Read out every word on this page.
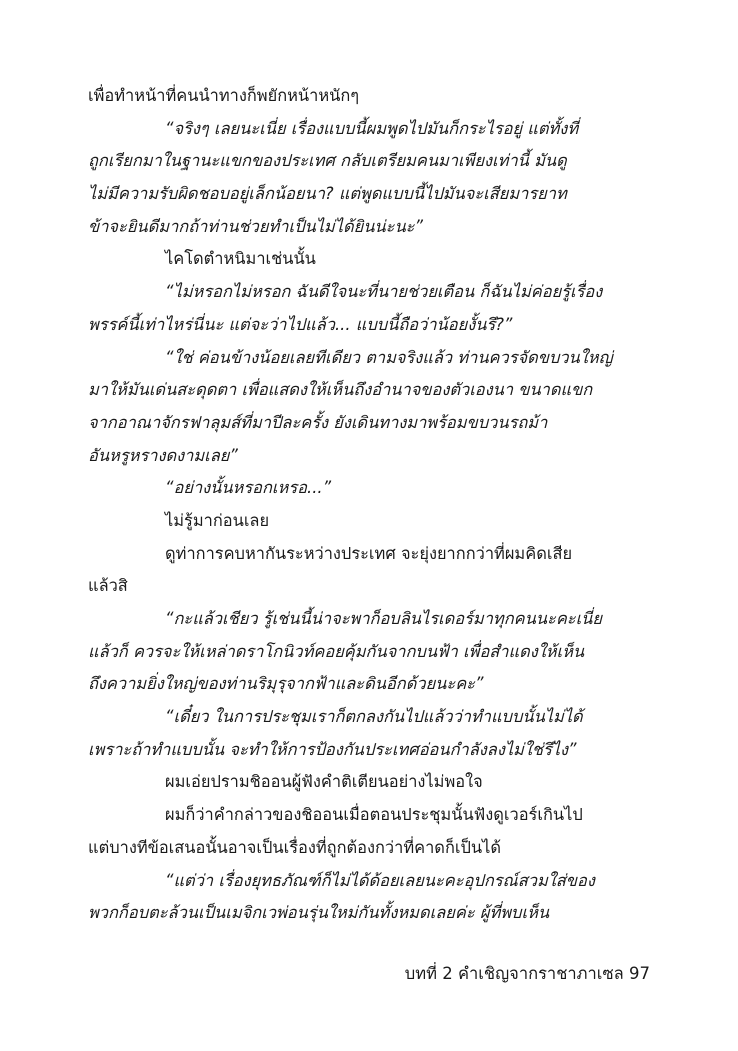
เพื่อทำหน้าที่คนนำทางก็พยักหน้าหนักๆ
“จริงๆ เลยนะเนี่ย เรื่องแบบนี้ผมพูดไปมันก็กระไรอยู่ แต่ทั้งที่
ถูกเรียกมาในฐานะแขกของประเทศ กลับเตรียมคนมาเพียงเท่านี้ มันดู
ไม่มีความรับผิดชอบอยู่เล็กน้อยนา? แต่พูดแบบนี้ไปมันจะเสียมารยาท
ข้าจะยินดีมากถ้าท่านช่วยทำเป็นไม่ได้ยินน่ะนะ”
ไคโดตำหนิมาเช่นนั้น
“ไม่หรอกไม่หรอก ฉันดีใจนะที่นายช่วยเตือน ก็ฉันไม่ค่อยรู้เรื่อง
พรรค์นี้เท่าไหร่นี่นะ แต่จะว่าไปแล้ว... แบบนี้ถือว่าน้อยงั้นรึ?”
“ใช่ ค่อนข้างน้อยเลยทีเดียว ตามจริงแล้ว ท่านควรจัดขบวนใหญ่
มาให้มันเด่นสะดุดตา เพื่อแสดงให้เห็นถึงอำนาจของตัวเองนา ขนาดแขก
จากอาณาจักรฟาลุมส์ที่มาปีละครั้ง ยังเดินทางมาพร้อมขบวนรถม้า
อันหรูหรางดงามเลย”
“อย่างนั้นหรอกเหรอ...”
ไม่รู้มาก่อนเลย
ดูท่าการคบหากันระหว่างประเทศ จะยุ่งยากกว่าที่ผมคิดเสีย
แล้วสิ
“กะแล้วเชียว รู้เช่นนี้น่าจะพาก็อบลินไรเดอร์มาทุกคนนะคะเนี่ย
แล้วก็ ควรจะให้เหล่าดราโกนิวท์คอยคุ้มกันจากบนฟ้า เพื่อสำแดงให้เห็น
ถึงความยิ่งใหญ่ของท่านริมุรุจากฟ้าและดินอีกด้วยนะคะ”
“เดี๋ยว ในการประชุมเราก็ตกลงกันไปแล้วว่าทำแบบนั้นไม่ได้
เพราะถ้าทำแบบนั้น จะทำให้การป้องกันประเทศอ่อนกำลังลงไม่ใช่รึไง”
ผมเอ่ยปรามชิออนผู้ฟังคำติเตียนอย่างไม่พอใจ
ผมก็ว่าคำกล่าวของชิออนเมื่อตอนประชุมนั้นฟังดูเวอร์เกินไป
แต่บางทีข้อเสนอนั้นอาจเป็นเรื่องที่ถูกต้องกว่าที่คาดก็เป็นได้
“แต่ว่า เรื่องยุทธภัณฑ์ก็ไม่ได้ด้อยเลยนะคะอุปกรณ์สวมใส่ของ
พวกก็อบตะล้วนเป็นเมจิกเวพ่อนรุ่นใหม่กันทั้งหมดเลยค่ะ ผู้ที่พบเห็น
บทที่ 2 คำเชิญจากราชาภาเซล 97
